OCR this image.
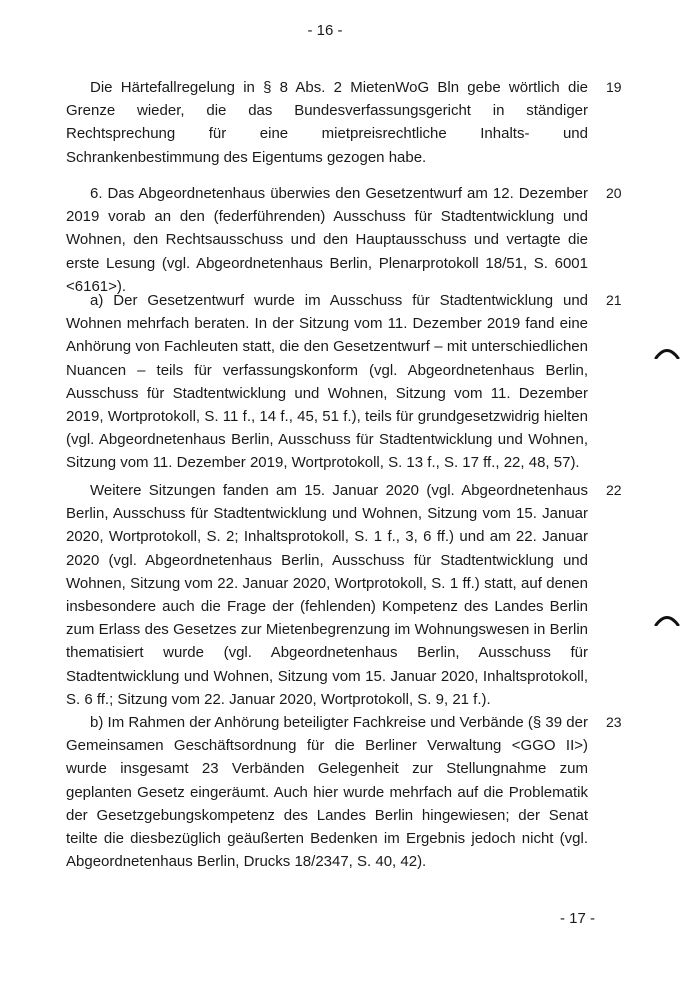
- 16 -

Die Härtefallregelung in § 8 Abs. 2 MietenWoG Bln gebe wörtlich die Grenze wieder, die das Bundesverfassungsgericht in ständiger Rechtsprechung für eine mietpreisrechtliche Inhalts- und Schrankenbestimmung des Eigentums gezogen habe.

19

6. Das Abgeordnetenhaus überwies den Gesetzentwurf am 12. Dezember 2019 vorab an den (federführenden) Ausschuss für Stadtentwicklung und Wohnen, den Rechtsausschuss und den Hauptausschuss und vertagte die erste Lesung (vgl. Abgeordnetenhaus Berlin, Plenarprotokoll 18/51, S. 6001 <6161>).

20

a) Der Gesetzentwurf wurde im Ausschuss für Stadtentwicklung und Wohnen mehrfach beraten. In der Sitzung vom 11. Dezember 2019 fand eine Anhörung von Fachleuten statt, die den Gesetzentwurf – mit unterschiedlichen Nuancen – teils für verfassungskonform (vgl. Abgeordnetenhaus Berlin, Ausschuss für Stadtentwicklung und Wohnen, Sitzung vom 11. Dezember 2019, Wortprotokoll, S. 11 f., 14 f., 45, 51 f.), teils für grundgesetzwidrig hielten (vgl. Abgeordnetenhaus Berlin, Ausschuss für Stadtentwicklung und Wohnen, Sitzung vom 11. Dezember 2019, Wortprotokoll, S. 13 f., S. 17 ff., 22, 48, 57).

21

Weitere Sitzungen fanden am 15. Januar 2020 (vgl. Abgeordnetenhaus Berlin, Ausschuss für Stadtentwicklung und Wohnen, Sitzung vom 15. Januar 2020, Wortprotokoll, S. 2; Inhaltsprotokoll, S. 1 f., 3, 6 ff.) und am 22. Januar 2020 (vgl. Abgeordnetenhaus Berlin, Ausschuss für Stadtentwicklung und Wohnen, Sitzung vom 22. Januar 2020, Wortprotokoll, S. 1 ff.) statt, auf denen insbesondere auch die Frage der (fehlenden) Kompetenz des Landes Berlin zum Erlass des Gesetzes zur Mietenbegrenzung im Wohnungswesen in Berlin thematisiert wurde (vgl. Abgeordnetenhaus Berlin, Ausschuss für Stadtentwicklung und Wohnen, Sitzung vom 15. Januar 2020, Inhaltsprotokoll, S. 6 ff.; Sitzung vom 22. Januar 2020, Wortprotokoll, S. 9, 21 f.).

22

b) Im Rahmen der Anhörung beteiligter Fachkreise und Verbände (§ 39 der Gemeinsamen Geschäftsordnung für die Berliner Verwaltung <GGO II>) wurde insgesamt 23 Verbänden Gelegenheit zur Stellungnahme zum geplanten Gesetz eingeräumt. Auch hier wurde mehrfach auf die Problematik der Gesetzgebungskompetenz des Landes Berlin hingewiesen; der Senat teilte die diesbezüglich geäußerten Bedenken im Ergebnis jedoch nicht (vgl. Abgeordnetenhaus Berlin, Drucks 18/2347, S. 40, 42).

23
- 17 -
